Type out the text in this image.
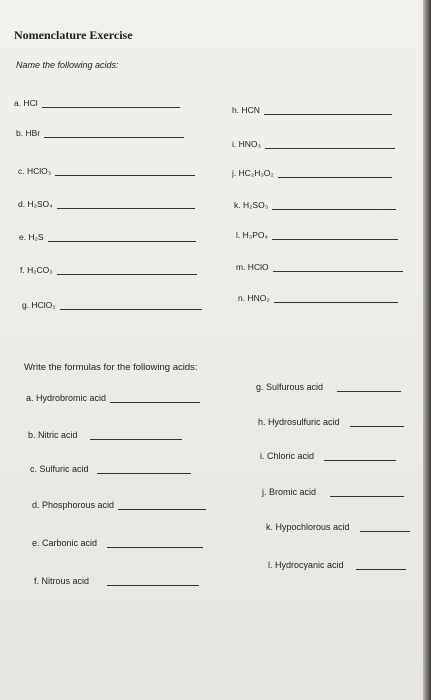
Nomenclature Exercise
Name the following acids:
a. HCl
b. HBr
c. HClO₃
d. H₂SO₄
e. H₂S
f. H₂CO₃
g. HClO₂
h. HCN
i. HNO₃
j. HC₂H₃O₂
k. H₂SO₃
l. H₃PO₄
m. HClO
n. HNO₂
Write the formulas for the following acids:
a. Hydrobromic acid
b. Nitric acid
c. Sulfuric acid
d. Phosphorous acid
e. Carbonic acid
f. Nitrous acid
g. Sulfurous acid
h. Hydrosulfuric acid
i. Chloric acid
j. Bromic acid
k. Hypochlorous acid
l. Hydrocyanic acid
